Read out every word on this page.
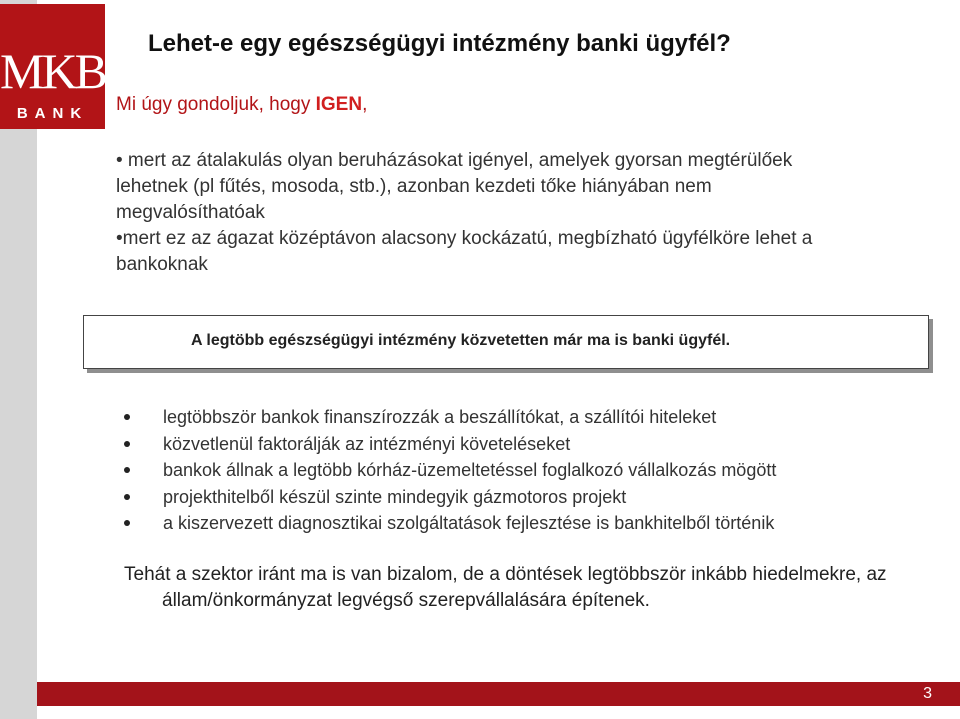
MKB
BANK
Lehet-e egy egészségügyi intézmény banki ügyfél?
Mi úgy gondoljuk, hogy IGEN,

• mert az átalakulás olyan beruházásokat igényel, amelyek gyorsan megtérülőek lehetnek (pl fűtés, mosoda, stb.), azonban kezdeti tőke hiányában nem megvalósíthatóak

•mert ez az ágazat középtávon alacsony kockázatú, megbízható ügyfélköre lehet a bankoknak

A legtöbb egészségügyi intézmény közvetetten már ma is banki ügyfél.
legtöbbször bankok finanszírozzák a beszállítókat, a szállítói hiteleket
közvetlenül faktorálják az intézményi követeléseket
bankok állnak a legtöbb kórház-üzemeltetéssel foglalkozó vállalkozás mögött
projekthitelből készül szinte mindegyik gázmotoros projekt
a kiszervezett diagnosztikai szolgáltatások fejlesztése is bankhitelből történik

Tehát a szektor iránt ma is van bizalom, de a döntések legtöbbször inkább hiedelmekre, az állam/önkormányzat legvégső szerepvállalására építenek.

3
